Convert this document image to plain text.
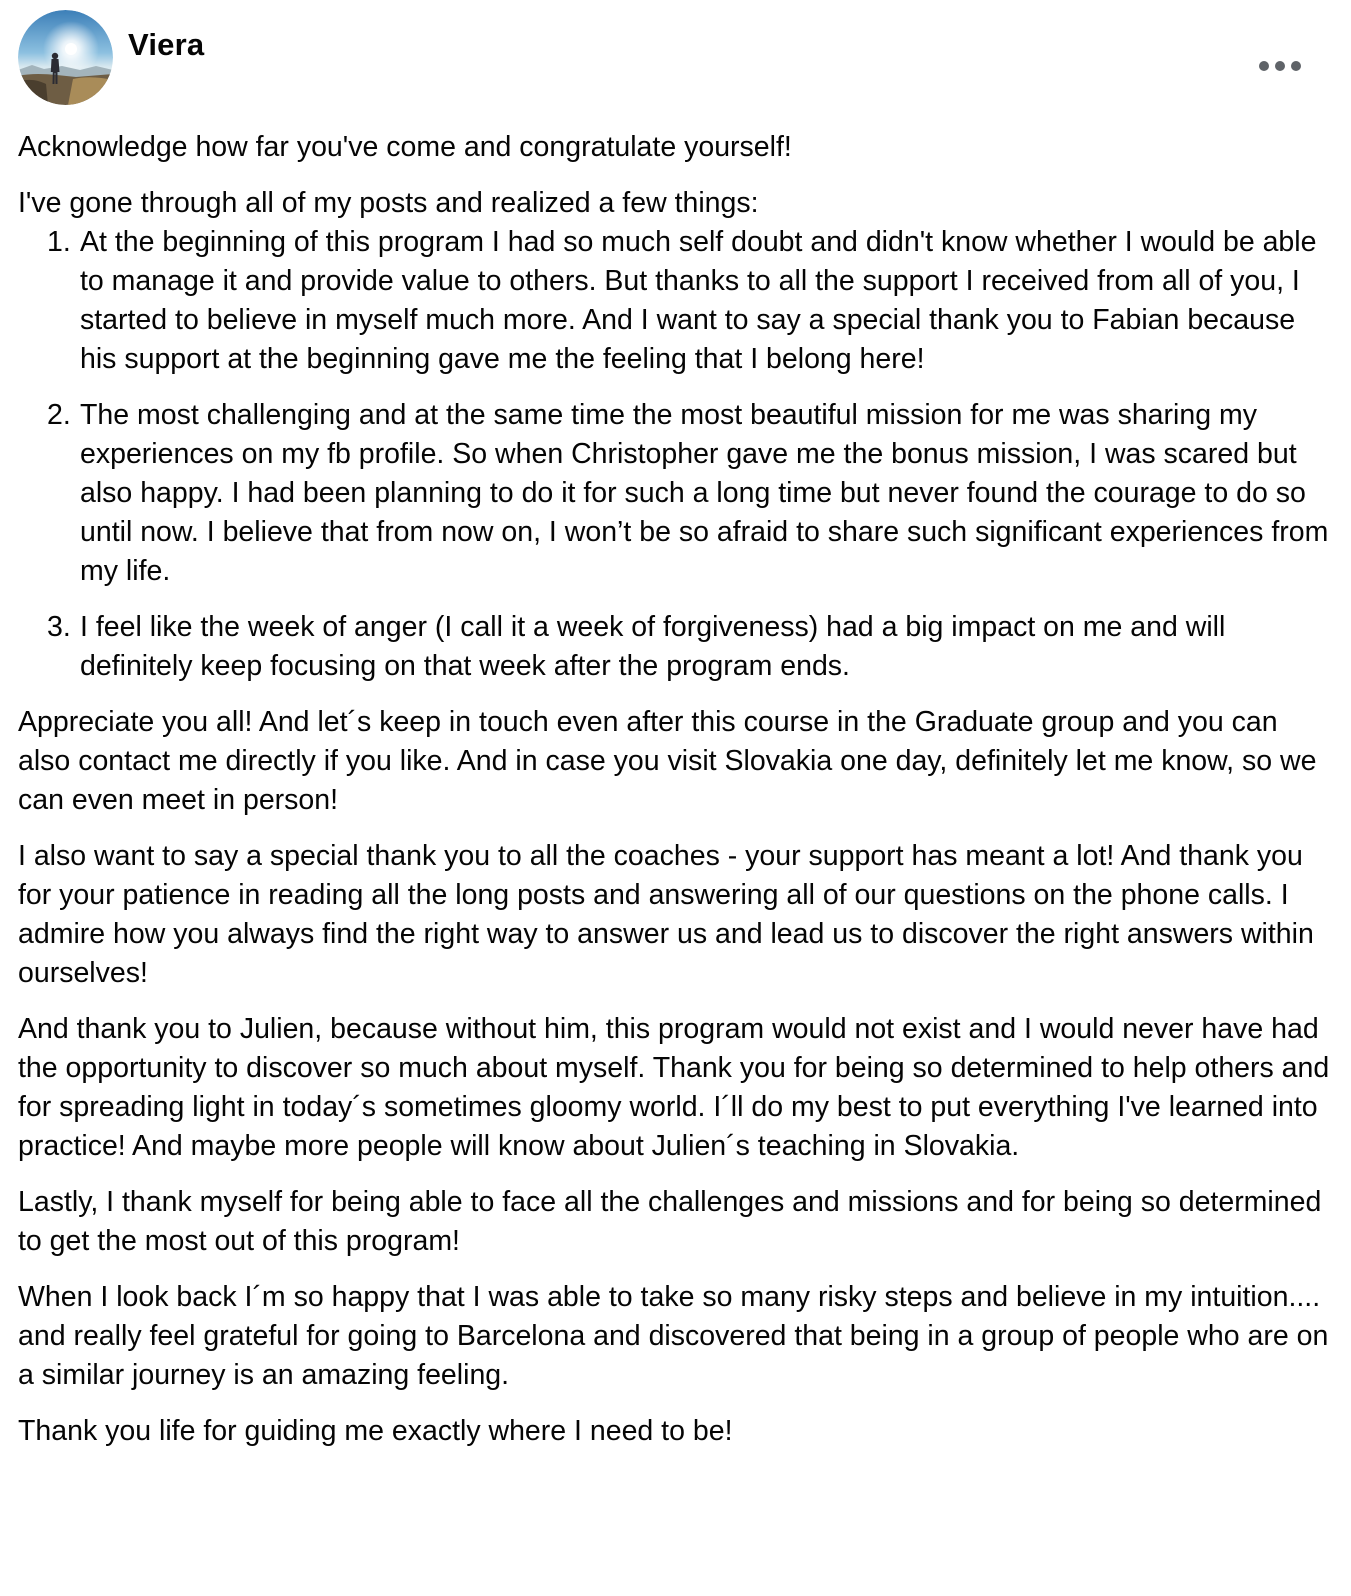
Viera

Acknowledge how far you've come and congratulate yourself!

I've gone through all of my posts and realized a few things:

1. At the beginning of this program I had so much self doubt and didn't know whether I would be able to manage it and provide value to others. But thanks to all the support I received from all of you, I started to believe in myself much more. And I want to say a special thank you to Fabian because his support at the beginning gave me the feeling that I belong here!
2. The most challenging and at the same time the most beautiful mission for me was sharing my experiences on my fb profile. So when Christopher gave me the bonus mission, I was scared but also happy. I had been planning to do it for such a long time but never found the courage to do so until now. I believe that from now on, I won’t be so afraid to share such significant experiences from my life.
3. I feel like the week of anger (I call it a week of forgiveness) had a big impact on me and will definitely keep focusing on that week after the program ends.

Appreciate you all! And let´s keep in touch even after this course in the Graduate group and you can also contact me directly if you like. And in case you visit Slovakia one day, definitely let me know, so we can even meet in person!

I also want to say a special thank you to all the coaches - your support has meant a lot! And thank you for your patience in reading all the long posts and answering all of our questions on the phone calls. I admire how you always find the right way to answer us and lead us to discover the right answers within ourselves!

And thank you to Julien, because without him, this program would not exist and I would never have had the opportunity to discover so much about myself. Thank you for being so determined to help others and for spreading light in today´s sometimes gloomy world. I´ll do my best to put everything I've learned into practice! And maybe more people will know about Julien´s teaching in Slovakia.

Lastly, I thank myself for being able to face all the challenges and missions and for being so determined to get the most out of this program!

When I look back I´m so happy that I was able to take so many risky steps and believe in my intuition.... and really feel grateful for going to Barcelona and discovered that being in a group of people who are on a similar journey is an amazing feeling.

Thank you life for guiding me exactly where I need to be!
